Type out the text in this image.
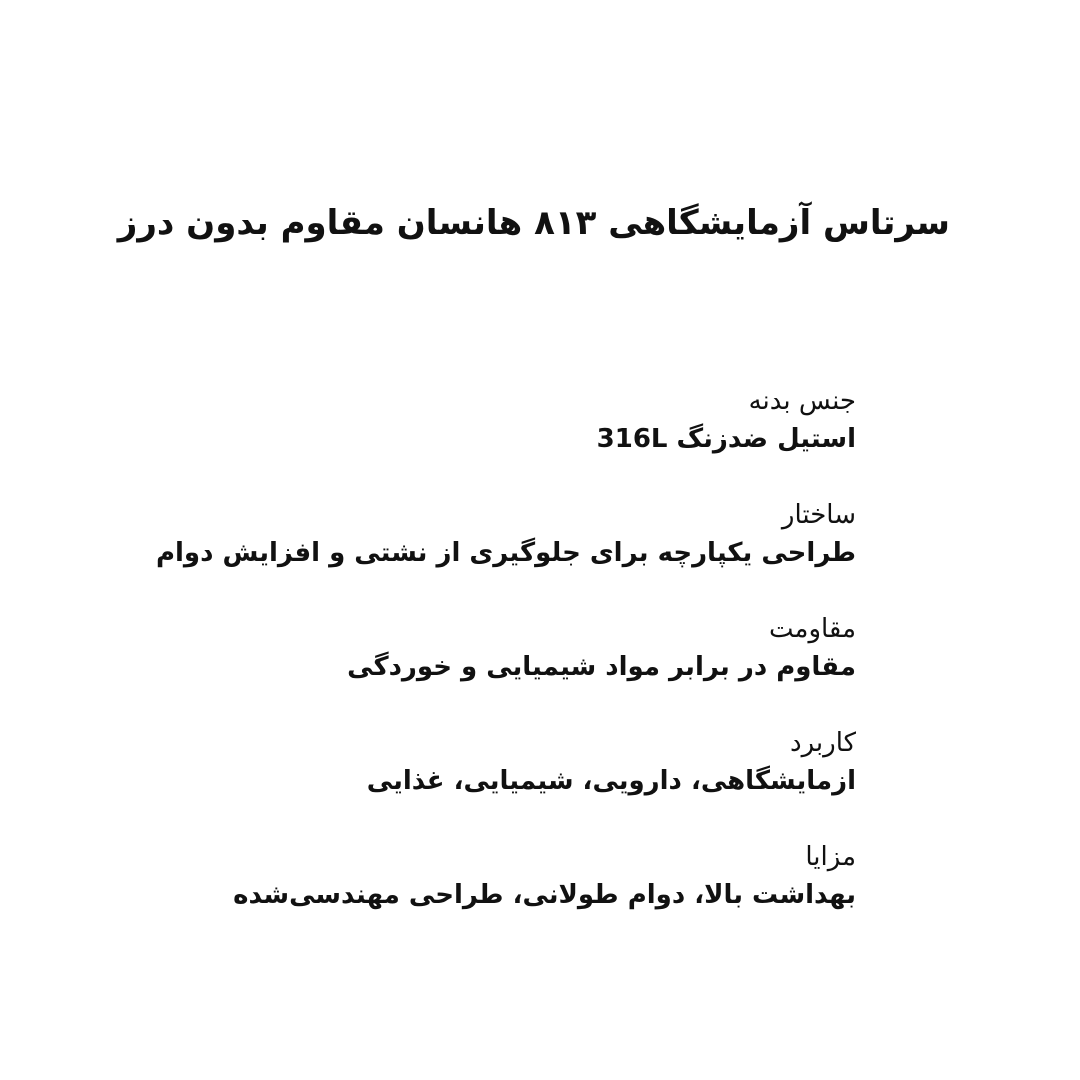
سرتاس آزمایشگاهی ۸۱۳ هانسان مقاوم بدون درز
جنس بدنه
استیل ضدزنگ 316L
ساختار
طراحی یکپارچه برای جلوگیری از نشتی و افزایش دوام
مقاومت
مقاوم در برابر مواد شیمیایی و خوردگی
کاربرد
ازمایشگاهی، دارویی، شیمیایی، غذایی
مزایا
بهداشت بالا، دوام طولانی، طراحی مهندسی‌شده
